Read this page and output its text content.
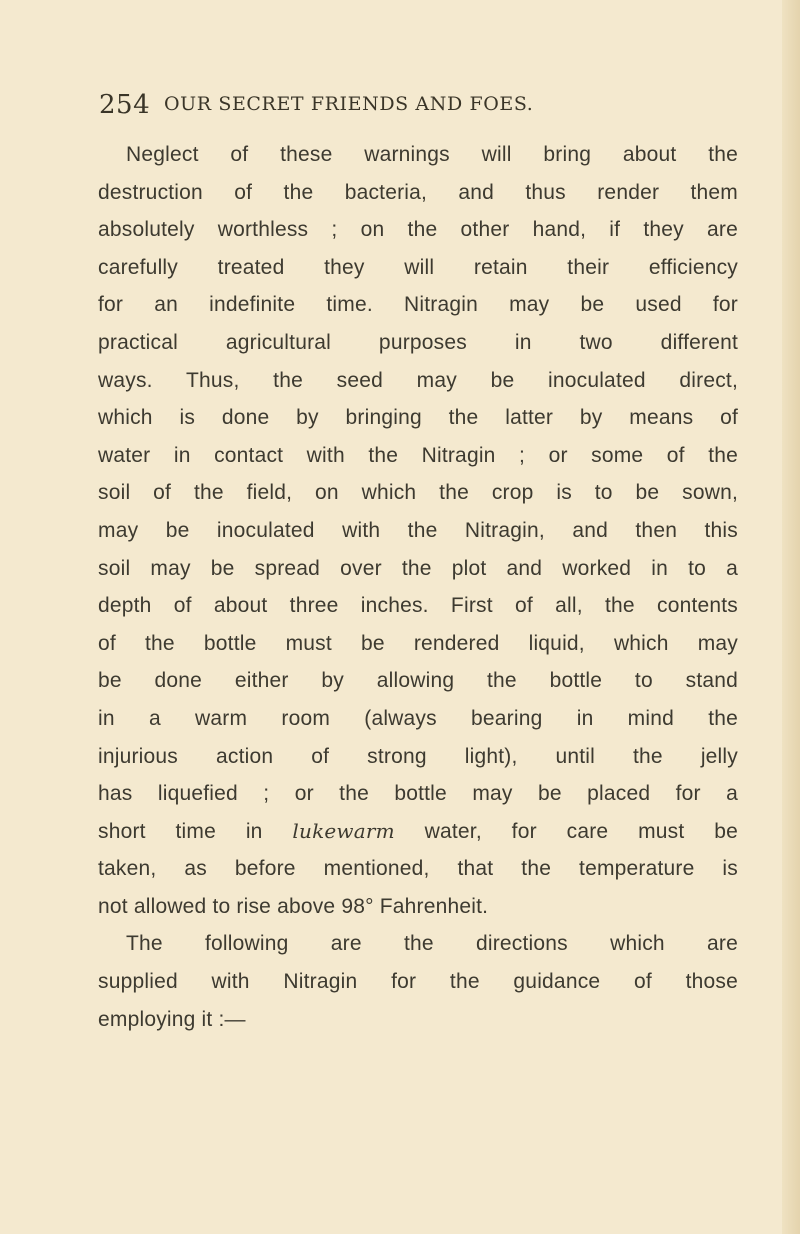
254 OUR SECRET FRIENDS AND FOES.
Neglect of these warnings will bring about the
destruction of the bacteria, and thus render them
absolutely worthless ; on the other hand, if they are
carefully treated they will retain their efficiency
for an indefinite time. Nitragin may be used for
practical agricultural purposes in two different
ways. Thus, the seed may be inoculated direct,
which is done by bringing the latter by means of
water in contact with the Nitragin ; or some of the
soil of the field, on which the crop is to be sown,
may be inoculated with the Nitragin, and then this
soil may be spread over the plot and worked in to a
depth of about three inches. First of all, the contents
of the bottle must be rendered liquid, which may
be done either by allowing the bottle to stand
in a warm room (always bearing in mind the
injurious action of strong light), until the jelly
has liquefied ; or the bottle may be placed for a
short time in lukewarm water, for care must be
taken, as before mentioned, that the temperature is
not allowed to rise above 98° Fahrenheit.
The following are the directions which are
supplied with Nitragin for the guidance of those
employing it :—
